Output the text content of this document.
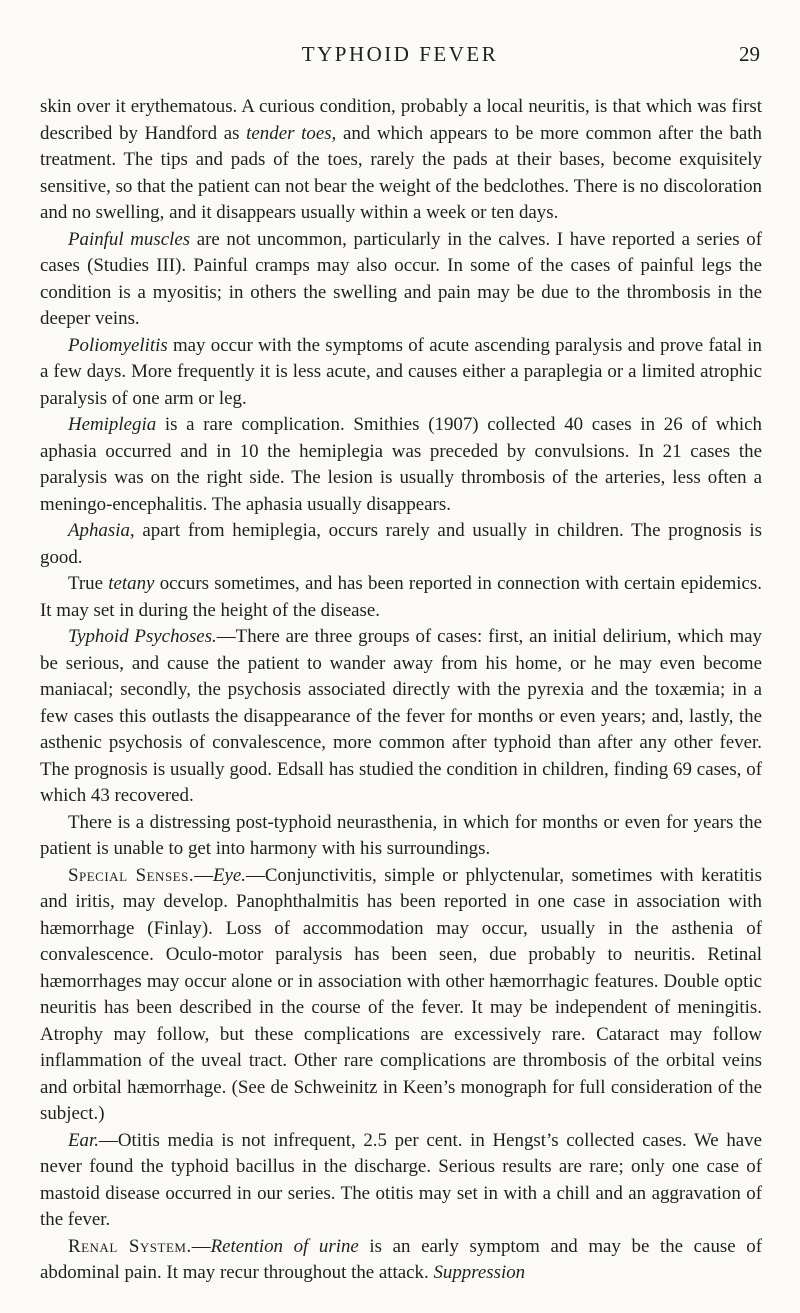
TYPHOID FEVER	29

skin over it erythematous. A curious condition, probably a local neuritis, is that which was first described by Handford as tender toes, and which appears to be more common after the bath treatment. The tips and pads of the toes, rarely the pads at their bases, become exquisitely sensitive, so that the patient can not bear the weight of the bedclothes. There is no discoloration and no swelling, and it disappears usually within a week or ten days.

Painful muscles are not uncommon, particularly in the calves. I have reported a series of cases (Studies III). Painful cramps may also occur. In some of the cases of painful legs the condition is a myositis; in others the swelling and pain may be due to the thrombosis in the deeper veins.

Poliomyelitis may occur with the symptoms of acute ascending paralysis and prove fatal in a few days. More frequently it is less acute, and causes either a paraplegia or a limited atrophic paralysis of one arm or leg.

Hemiplegia is a rare complication. Smithies (1907) collected 40 cases in 26 of which aphasia occurred and in 10 the hemiplegia was preceded by convulsions. In 21 cases the paralysis was on the right side. The lesion is usually thrombosis of the arteries, less often a meningo-encephalitis. The aphasia usually disappears.

Aphasia, apart from hemiplegia, occurs rarely and usually in children. The prognosis is good.

True tetany occurs sometimes, and has been reported in connection with certain epidemics. It may set in during the height of the disease.

Typhoid Psychoses.—There are three groups of cases: first, an initial delirium, which may be serious, and cause the patient to wander away from his home, or he may even become maniacal; secondly, the psychosis associated directly with the pyrexia and the toxæmia; in a few cases this outlasts the disappearance of the fever for months or even years; and, lastly, the asthenic psychosis of convalescence, more common after typhoid than after any other fever. The prognosis is usually good. Edsall has studied the condition in children, finding 69 cases, of which 43 recovered.

There is a distressing post-typhoid neurasthenia, in which for months or even for years the patient is unable to get into harmony with his surroundings.

Special Senses.—Eye.—Conjunctivitis, simple or phlyctenular, sometimes with keratitis and iritis, may develop. Panophthalmitis has been reported in one case in association with hæmorrhage (Finlay). Loss of accommodation may occur, usually in the asthenia of convalescence. Oculo-motor paralysis has been seen, due probably to neuritis. Retinal hæmorrhages may occur alone or in association with other hæmorrhagic features. Double optic neuritis has been described in the course of the fever. It may be independent of meningitis. Atrophy may follow, but these complications are excessively rare. Cataract may follow inflammation of the uveal tract. Other rare complications are thrombosis of the orbital veins and orbital hæmorrhage. (See de Schweinitz in Keen’s monograph for full consideration of the subject.)

Ear.—Otitis media is not infrequent, 2.5 per cent. in Hengst’s collected cases. We have never found the typhoid bacillus in the discharge. Serious results are rare; only one case of mastoid disease occurred in our series. The otitis may set in with a chill and an aggravation of the fever.

Renal System.—Retention of urine is an early symptom and may be the cause of abdominal pain. It may recur throughout the attack. Suppression
